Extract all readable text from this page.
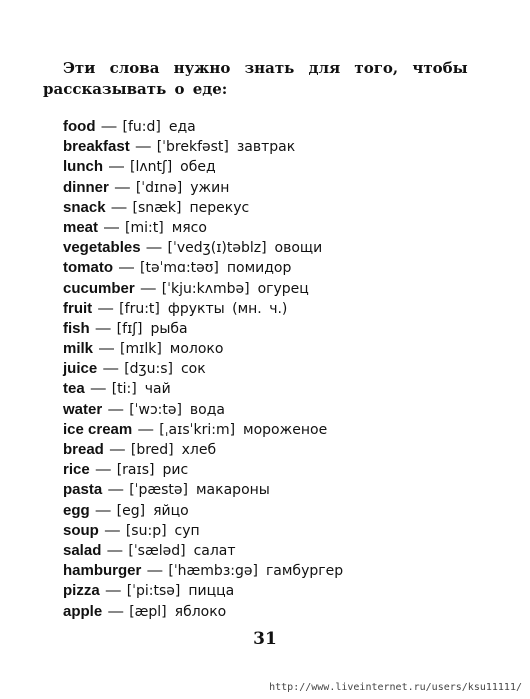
Эти слова нужно знать для того, чтобы
рассказывать о еде:
food — [fu:d] еда
breakfast — [ˈbrekfəst] завтрак
lunch — [lʌntʃ] обед
dinner — [ˈdɪnə] ужин
snack — [snæk] перекус
meat — [mi:t] мясо
vegetables — [ˈvedʒ(ɪ)təblz] овощи
tomato — [təˈmɑ:təʊ] помидор
cucumber — [ˈkju:kʌmbə] огурец
fruit — [fru:t] фрукты (мн. ч.)
fish — [fɪʃ] рыба
milk — [mɪlk] молоко
juice — [dʒu:s] сок
tea — [ti:] чай
water — [ˈwɔ:tə] вода
ice cream — [ˌaɪsˈkri:m] мороженое
bread — [bred] хлеб
rice — [raɪs] рис
pasta — [ˈpæstə] макароны
egg — [eg] яйцо
soup — [su:p] суп
salad — [ˈsæləd] салат
hamburger — [ˈhæmbɜ:gə] гамбургер
pizza — [ˈpi:tsə] пицца
apple — [æpl] яблоко
31
http://www.liveinternet.ru/users/ksu11111/
